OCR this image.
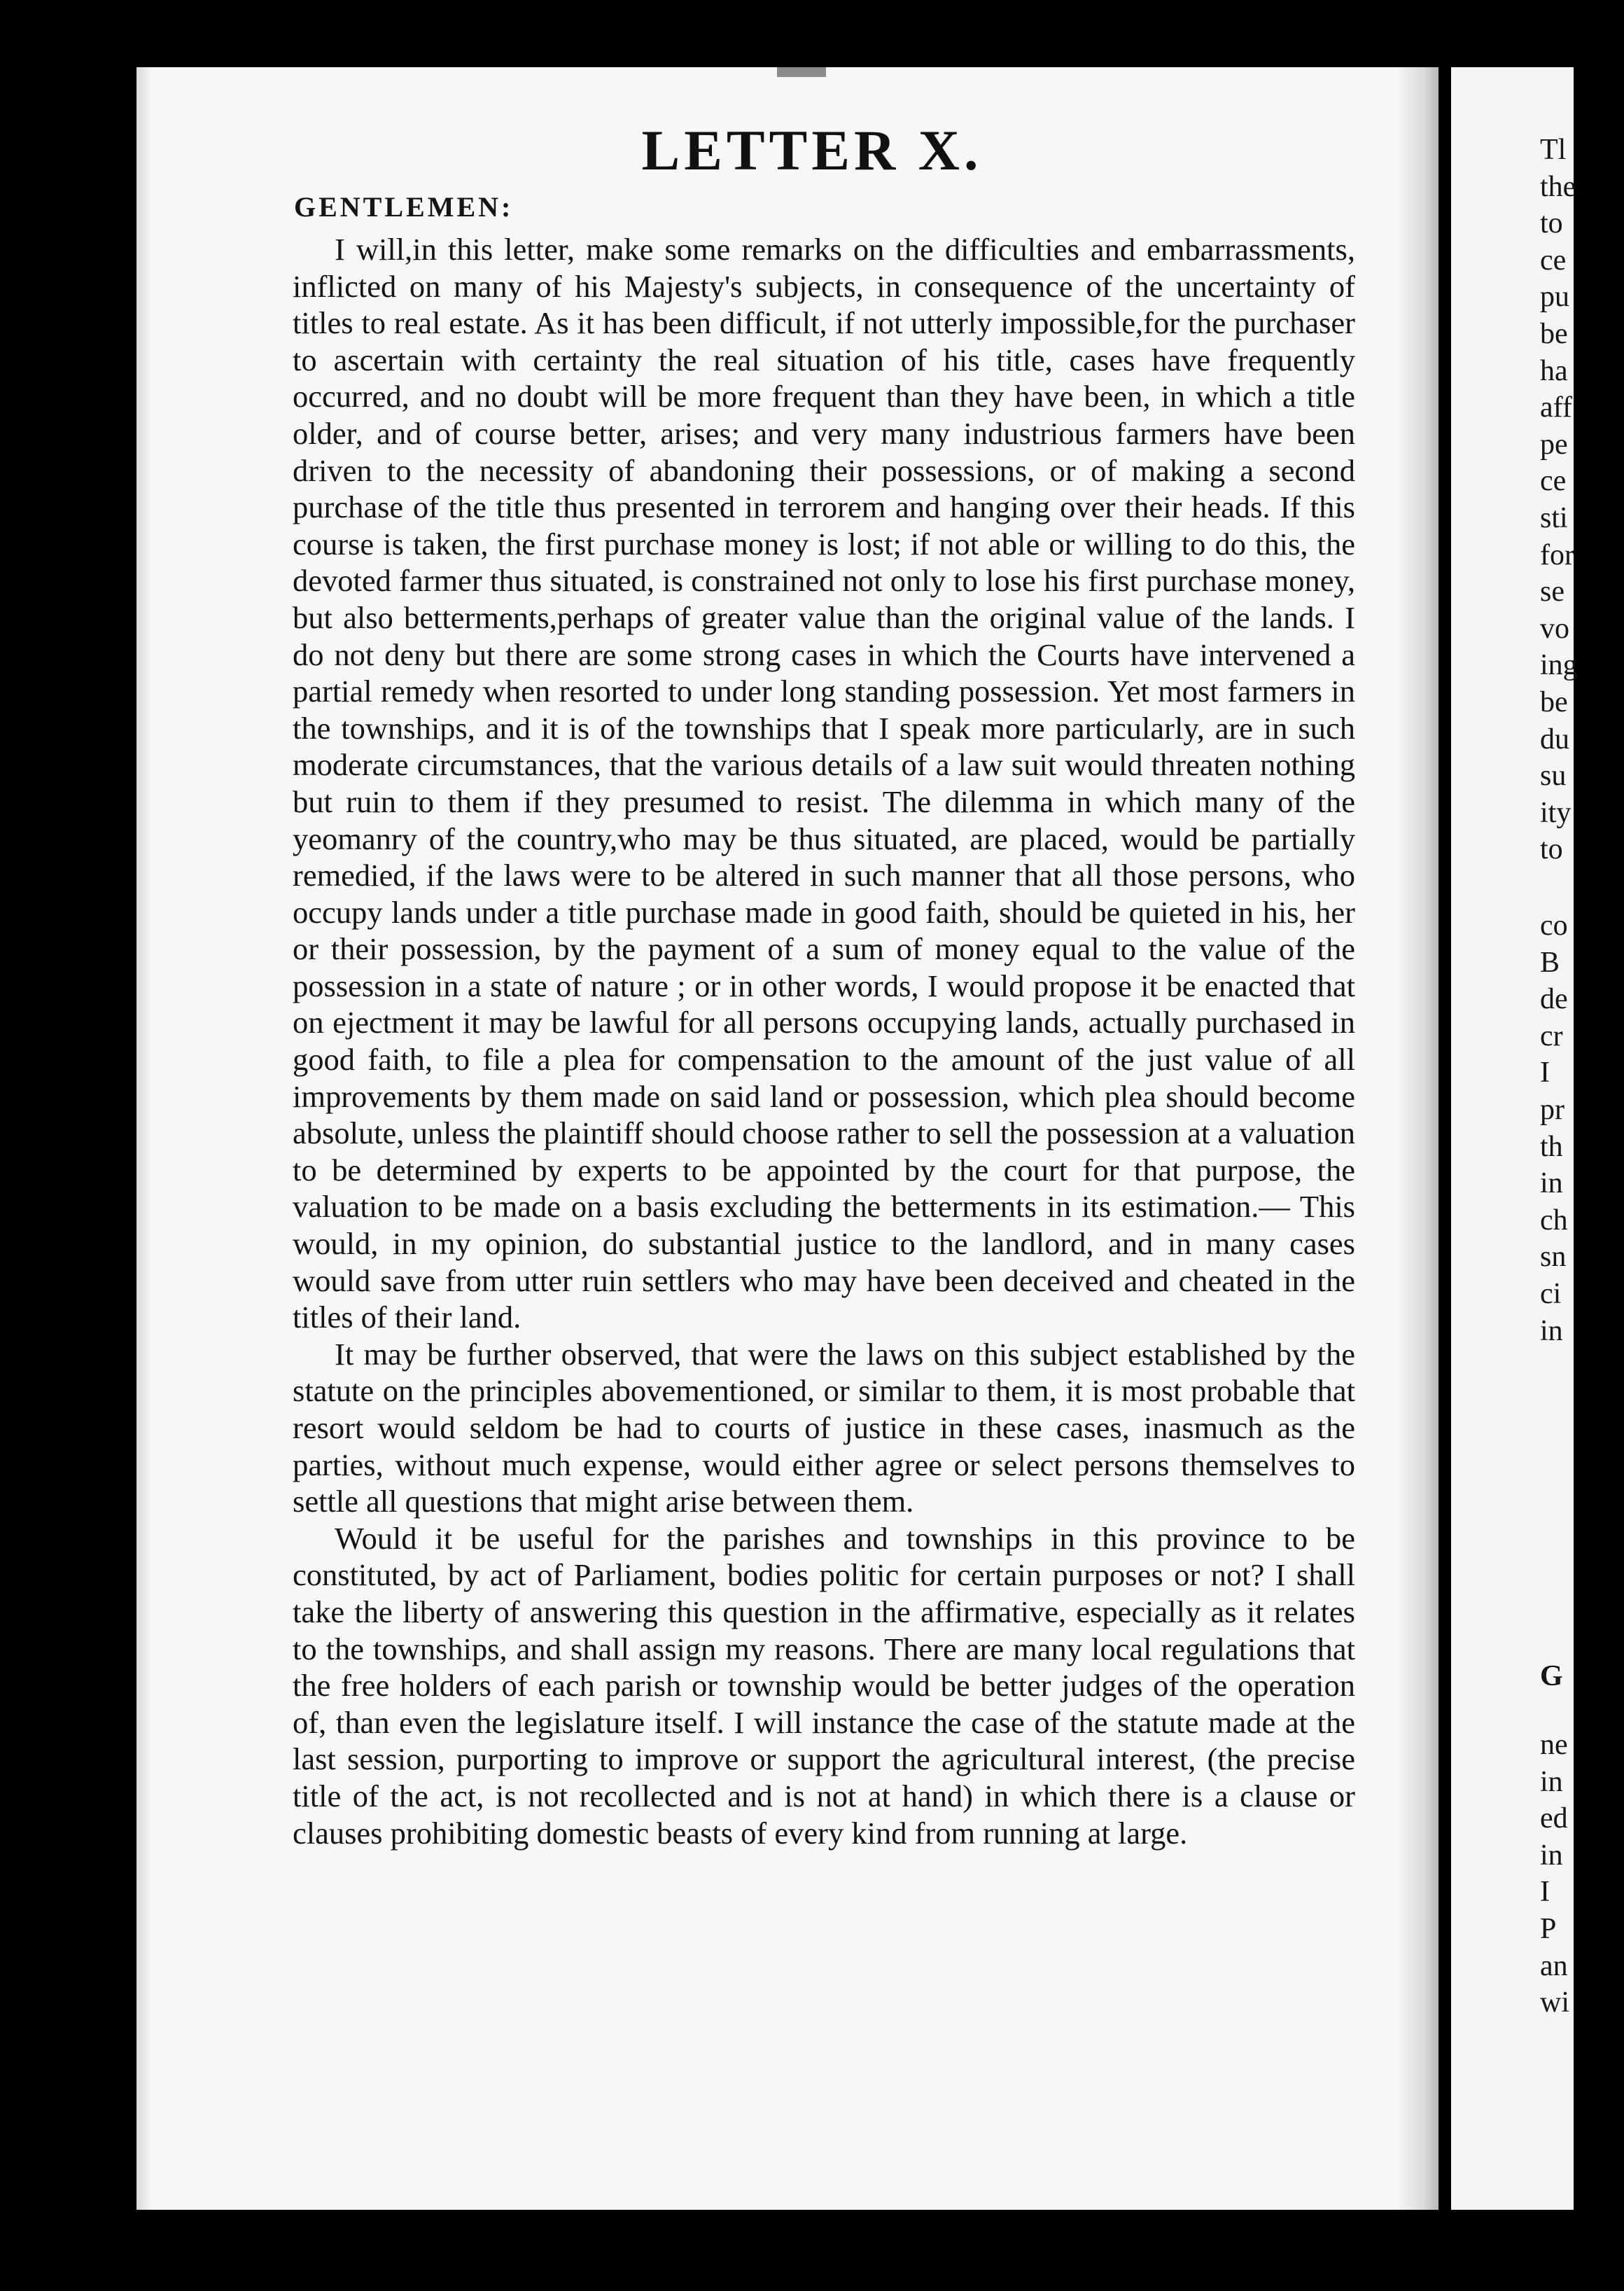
LETTER X.
GENTLEMEN:

I will,in this letter, make some remarks on the difficulties and embarrassments, inflicted on many of his Majesty's subjects, in consequence of the uncertainty of titles to real estate. As it has been difficult, if not utterly impossible,for the purchaser to ascertain with certainty the real situation of his title, cases have frequently occurred, and no doubt will be more frequent than they have been, in which a title older, and of course better, arises; and very many industrious farmers have been driven to the necessity of abandoning their possessions, or of making a second purchase of the title thus presented in terrorem and hanging over their heads. If this course is taken, the first purchase money is lost; if not able or willing to do this, the devoted farmer thus situated, is constrained not only to lose his first purchase money, but also betterments,perhaps of greater value than the original value of the lands. I do not deny but there are some strong cases in which the Courts have intervened a partial remedy when resorted to under long standing possession. Yet most farmers in the townships, and it is of the townships that I speak more particularly, are in such moderate circumstances, that the various details of a law suit would threaten nothing but ruin to them if they presumed to resist. The dilemma in which many of the yeomanry of the country,who may be thus situated, are placed, would be partially remedied, if the laws were to be altered in such manner that all those persons, who occupy lands under a title purchase made in good faith, should be quieted in his, her or their possession, by the payment of a sum of money equal to the value of the possession in a state of nature ; or in other words, I would propose it be enacted that on ejectment it may be lawful for all persons occupying lands, actually purchased in good faith, to file a plea for compensation to the amount of the just value of all improvements by them made on said land or possession, which plea should become absolute, unless the plaintiff should choose rather to sell the possession at a valuation to be determined by experts to be appointed by the court for that purpose, the valuation to be made on a basis excluding the betterments in its estimation.— This would, in my opinion, do substantial justice to the landlord, and in many cases would save from utter ruin settlers who may have been deceived and cheated in the titles of their land.

It may be further observed, that were the laws on this subject established by the statute on the principles abovementioned, or similar to them, it is most probable that resort would seldom be had to courts of justice in these cases, inasmuch as the parties, without much expense, would either agree or select persons themselves to settle all questions that might arise between them.

Would it be useful for the parishes and townships in this province to be constituted, by act of Parliament, bodies politic for certain purposes or not? I shall take the liberty of answering this question in the affirmative, especially as it relates to the townships, and shall assign my reasons. There are many local regulations that the free holders of each parish or township would be better judges of the operation of, than even the legislature itself. I will instance the case of the statute made at the last session, purporting to improve or support the agricultural interest, (the precise title of the act, is not recollected and is not at hand) in which there is a clause or clauses prohibiting domestic beasts of every kind from running at large.

Tl
the
to
ce
pu
be
ha
aff
pe
ce
sti
for
se
vo
ing
be
du
su
ity
to
co
B
de
cr
I
pr
th
in
ch
sn
ci
in
G
ne
in
ed
in
I
P
an
wi
